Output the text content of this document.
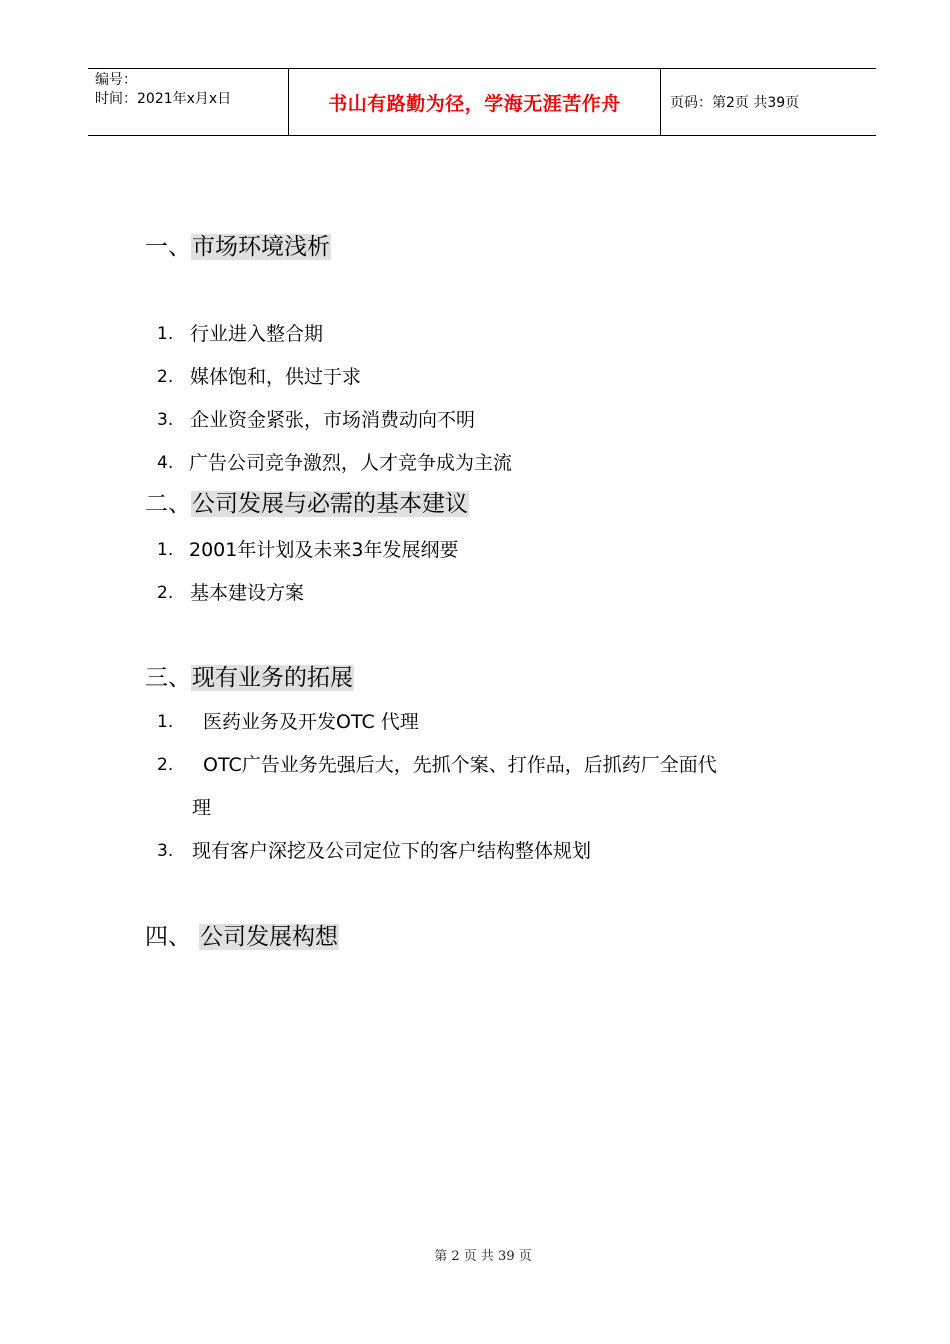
编号：
时间：2021年x月x日	书山有路勤为径，学海无涯苦作舟	页码：第2页 共39页
一、市场环境浅析
1. 行业进入整合期
2. 媒体饱和，供过于求
3. 企业资金紧张，市场消费动向不明
4. 广告公司竞争激烈，人才竞争成为主流
二、公司发展与必需的基本建议
1. 2001年计划及未来3年发展纲要
2. 基本建设方案
三、现有业务的拓展
1. 医药业务及开发OTC 代理
2. OTC广告业务先强后大，先抓个案、打作品，后抓药厂全面代
理
3. 现有客户深挖及公司定位下的客户结构整体规划
四、 公司发展构想
第 2 页 共 39 页
